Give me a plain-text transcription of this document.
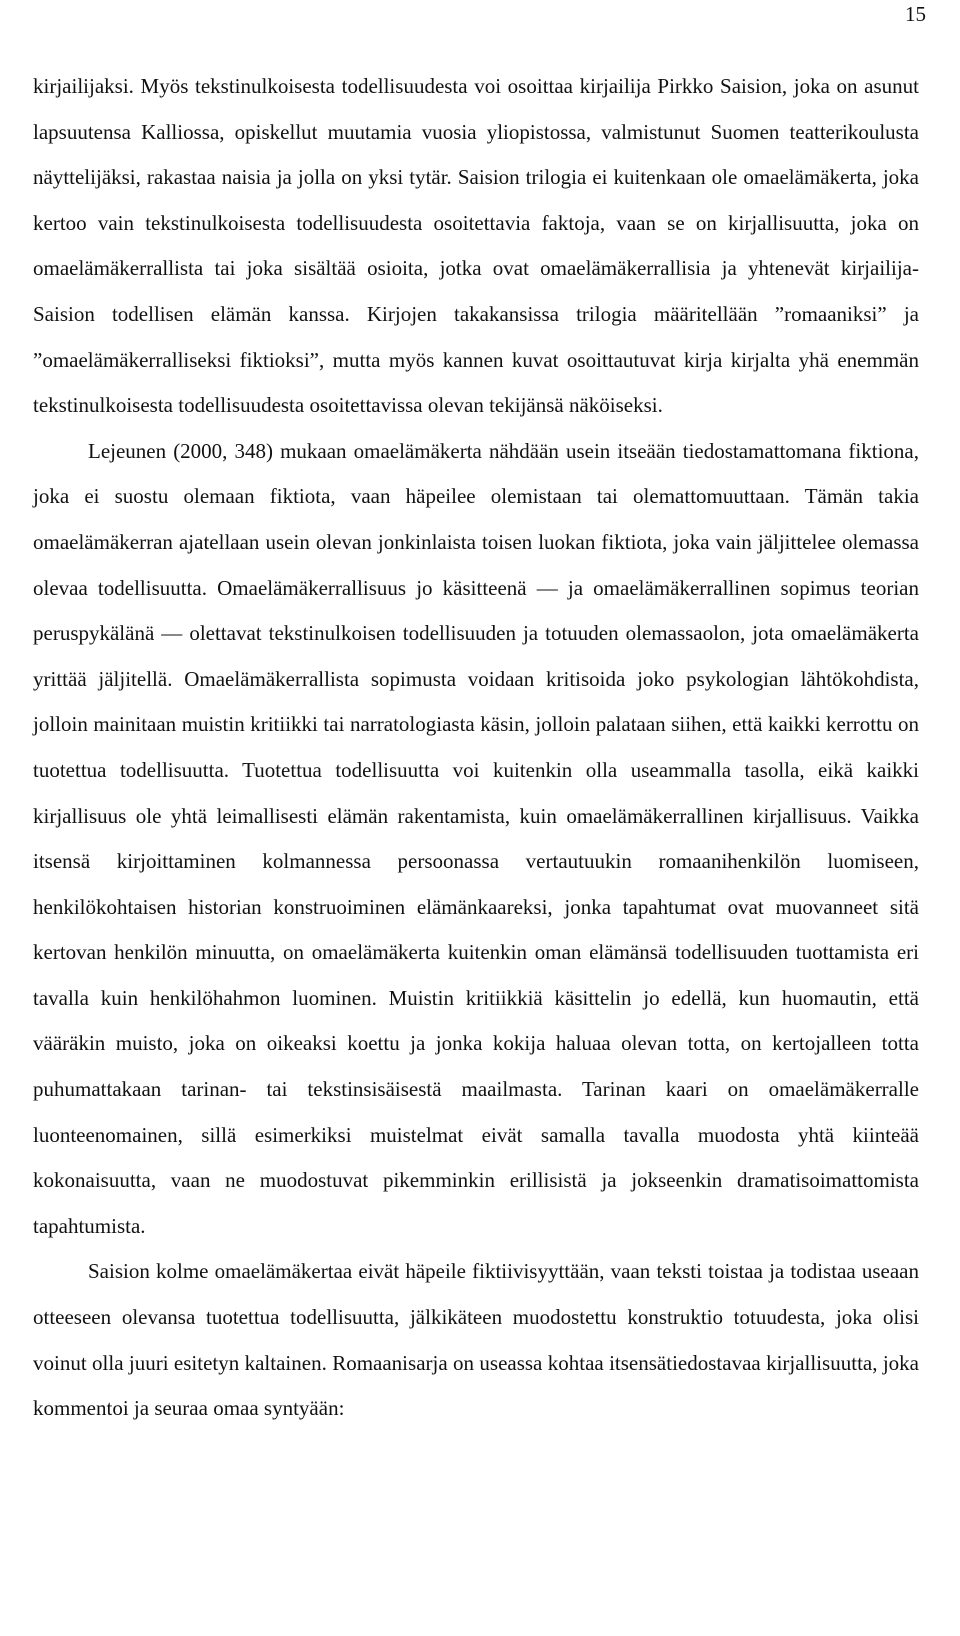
15

kirjailijaksi. Myös tekstinulkoisesta todellisuudesta voi osoittaa kirjailija Pirkko Saision, joka on asunut lapsuutensa Kalliossa, opiskellut muutamia vuosia yliopistossa, valmistunut Suomen teatterikoulusta näyttelijäksi, rakastaa naisia ja jolla on yksi tytär. Saision trilogia ei kuitenkaan ole omaelämäkerta, joka kertoo vain tekstinulkoisesta todellisuudesta osoitettavia faktoja, vaan se on kirjallisuutta, joka on omaelämäkerrallista tai joka sisältää osioita, jotka ovat omaelämäkerrallisia ja yhtenevät kirjailija-Saision todellisen elämän kanssa. Kirjojen takakansissa trilogia määritellään ”romaaniksi” ja ”omaelämäkerralliseksi fiktioksi”, mutta myös kannen kuvat osoittautuvat kirja kirjalta yhä enemmän tekstinulkoisesta todellisuudesta osoitettavissa olevan tekijänsä näköiseksi.

Lejeunen (2000, 348) mukaan omaelämäkerta nähdään usein itseään tiedostamattomana fiktiona, joka ei suostu olemaan fiktiota, vaan häpeilee olemistaan tai olemattomuuttaan. Tämän takia omaelämäkerran ajatellaan usein olevan jonkinlaista toisen luokan fiktiota, joka vain jäljittelee olemassa olevaa todellisuutta. Omaelämäkerrallisuus jo käsitteenä — ja omaelämäkerrallinen sopimus teorian peruspykälänä — olettavat tekstinulkoisen todellisuuden ja totuuden olemassaolon, jota omaelämäkerta yrittää jäljitellä. Omaelämäkerrallista sopimusta voidaan kritisoida joko psykologian lähtökohdista, jolloin mainitaan muistin kritiikki tai narratologiasta käsin, jolloin palataan siihen, että kaikki kerrottu on tuotettua todellisuutta. Tuotettua todellisuutta voi kuitenkin olla useammalla tasolla, eikä kaikki kirjallisuus ole yhtä leimallisesti elämän rakentamista, kuin omaelämäkerrallinen kirjallisuus. Vaikka itsensä kirjoittaminen kolmannessa persoonassa vertautuukin romaanihenkilön luomiseen, henkilökohtaisen historian konstruoiminen elämänkaareksi, jonka tapahtumat ovat muovanneet sitä kertovan henkilön minuutta, on omaelämäkerta kuitenkin oman elämänsä todellisuuden tuottamista eri tavalla kuin henkilöhahmon luominen. Muistin kritiikkiä käsittelin jo edellä, kun huomautin, että vääräkin muisto, joka on oikeaksi koettu ja jonka kokija haluaa olevan totta, on kertojalleen totta puhumattakaan tarinan- tai tekstinsisäisestä maailmasta. Tarinan kaari on omaelämäkerralle luonteenomainen, sillä esimerkiksi muistelmat eivät samalla tavalla muodosta yhtä kiinteää kokonaisuutta, vaan ne muodostuvat pikemminkin erillisistä ja jokseenkin dramatisoimattomista tapahtumista.

Saision kolme omaelämäkertaa eivät häpeile fiktiivisyyttään, vaan teksti toistaa ja todistaa useaan otteeseen olevansa tuotettua todellisuutta, jälkikäteen muodostettu konstruktio totuudesta, joka olisi voinut olla juuri esitetyn kaltainen. Romaanisarja on useassa kohtaa itsensätiedostavaa kirjallisuutta, joka kommentoi ja seuraa omaa syntyään:
